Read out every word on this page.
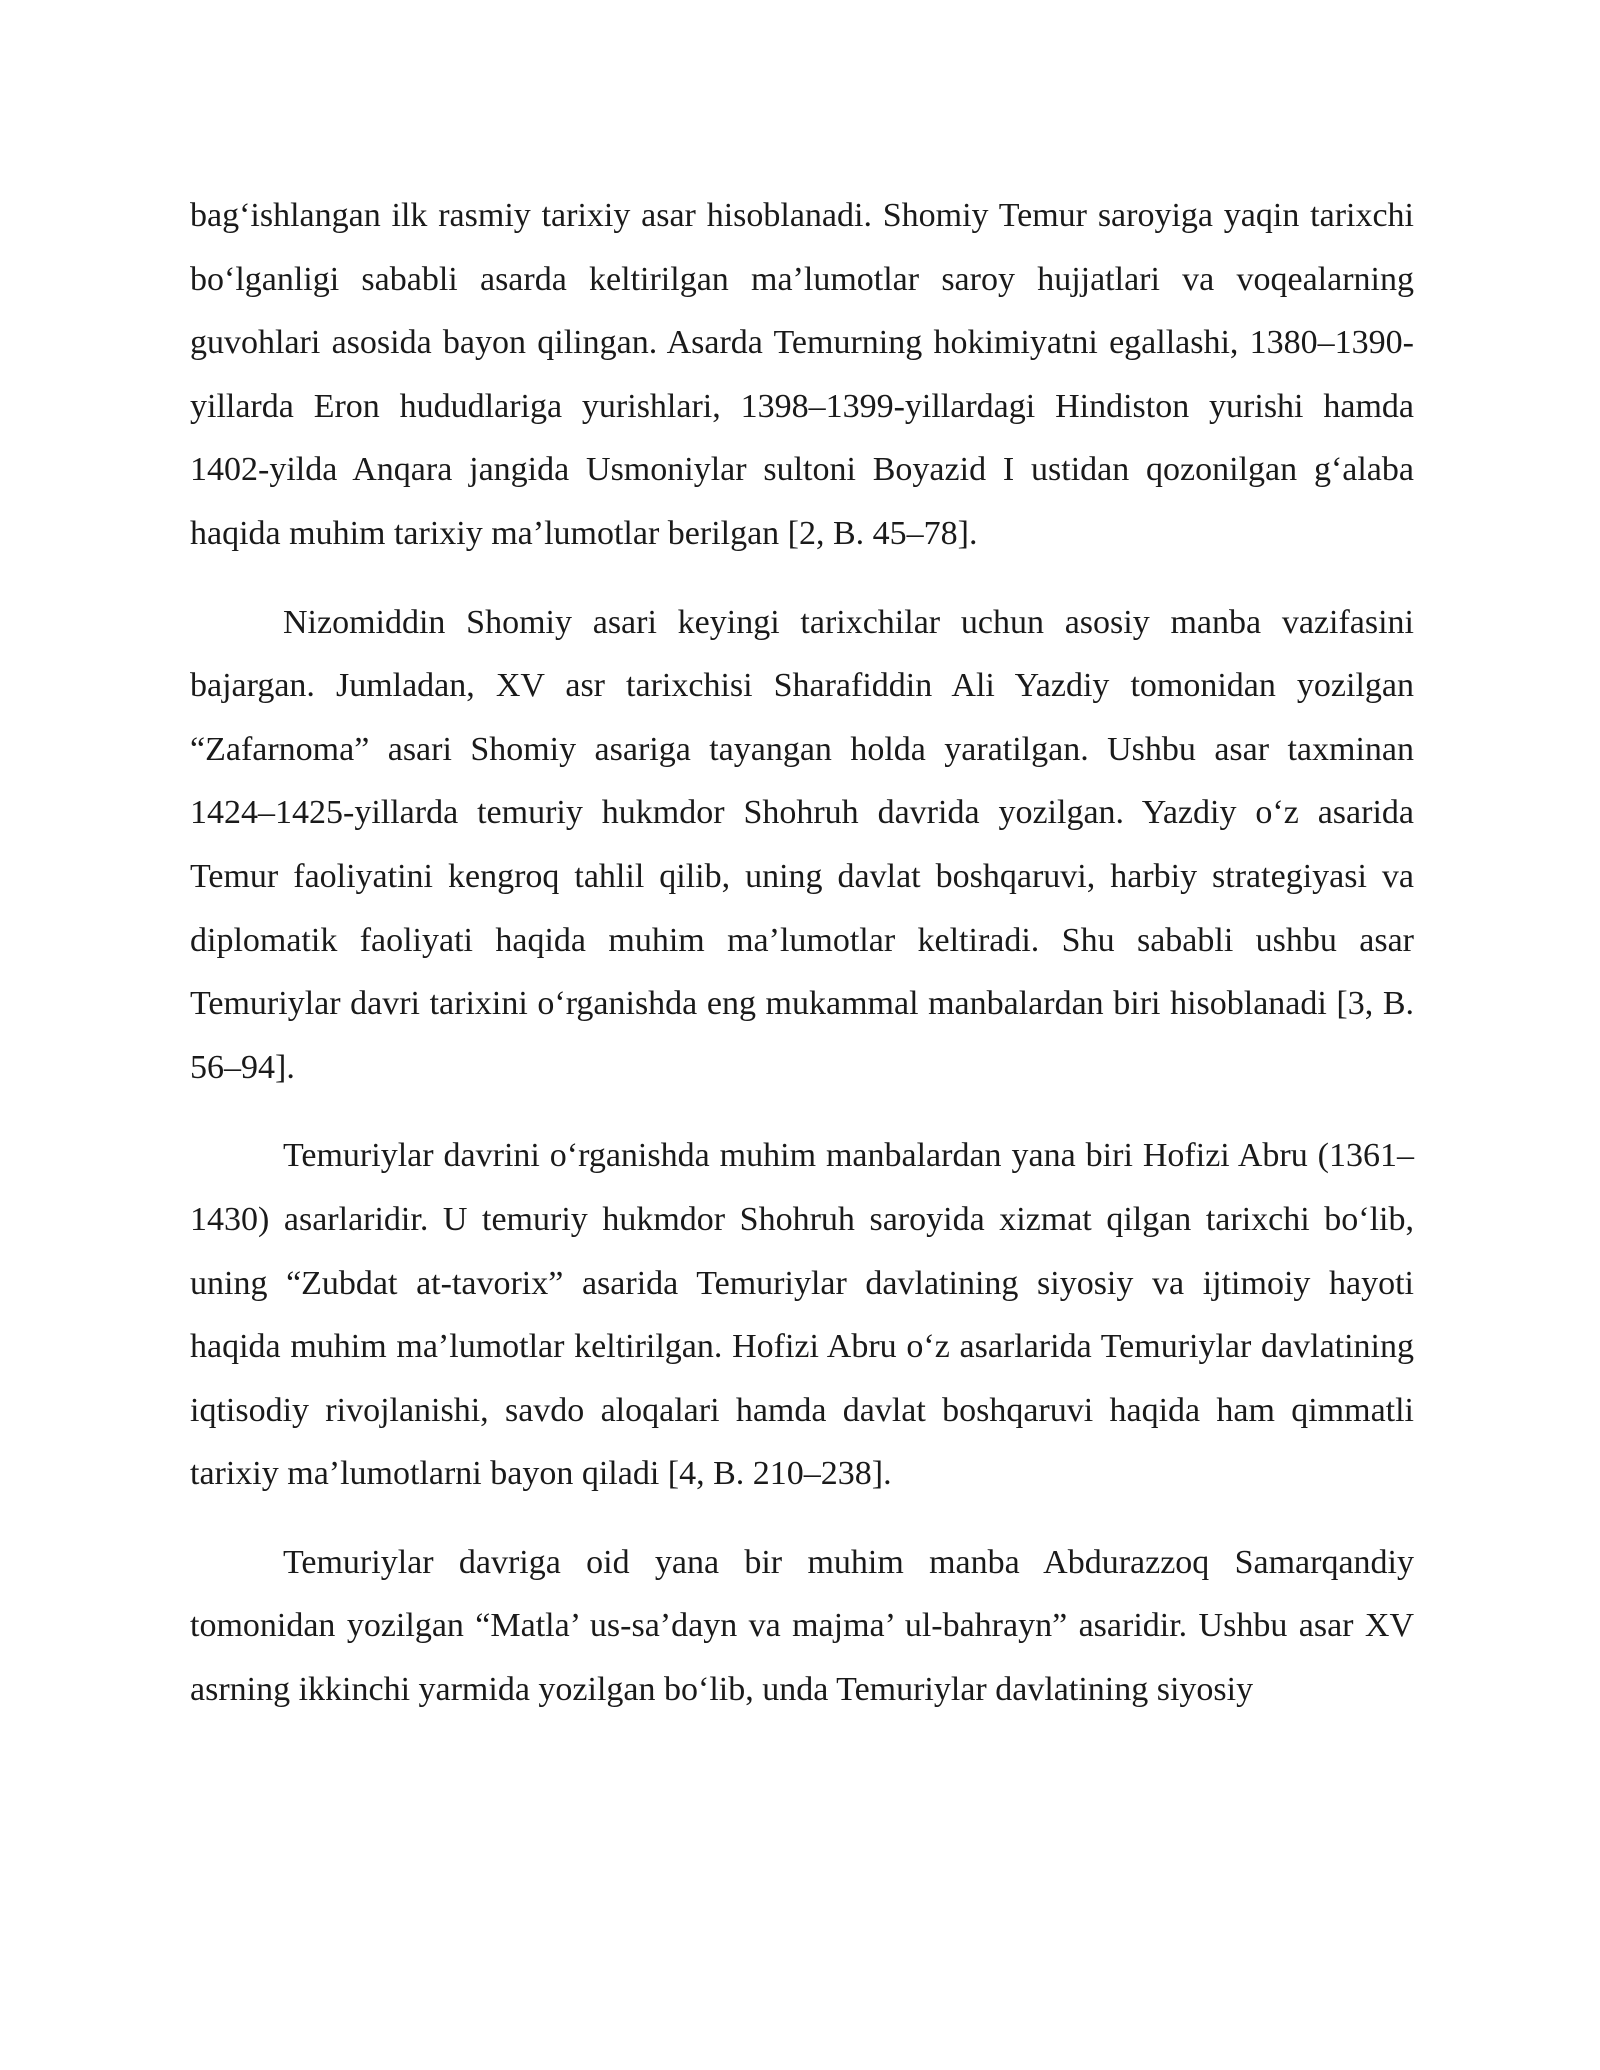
bag‘ishlangan ilk rasmiy tarixiy asar hisoblanadi. Shomiy Temur saroyiga yaqin tarixchi bo‘lganligi sababli asarda keltirilgan ma’lumotlar saroy hujjatlari va voqealarning guvohlari asosida bayon qilingan. Asarda Temurning hokimiyatni egallashi, 1380–1390-yillarda Eron hududlariga yurishlari, 1398–1399-yillardagi Hindiston yurishi hamda 1402-yilda Anqara jangida Usmoniylar sultoni Boyazid I ustidan qozonilgan g‘alaba haqida muhim tarixiy ma’lumotlar berilgan [2, B. 45–78].

Nizomiddin Shomiy asari keyingi tarixchilar uchun asosiy manba vazifasini bajargan. Jumladan, XV asr tarixchisi Sharafiddin Ali Yazdiy tomonidan yozilgan “Zafarnoma” asari Shomiy asariga tayangan holda yaratilgan. Ushbu asar taxminan 1424–1425-yillarda temuriy hukmdor Shohruh davrida yozilgan. Yazdiy o‘z asarida Temur faoliyatini kengroq tahlil qilib, uning davlat boshqaruvi, harbiy strategiyasi va diplomatik faoliyati haqida muhim ma’lumotlar keltiradi. Shu sababli ushbu asar Temuriylar davri tarixini o‘rganishda eng mukammal manbalardan biri hisoblanadi [3, B. 56–94].

Temuriylar davrini o‘rganishda muhim manbalardan yana biri Hofizi Abru (1361–1430) asarlaridir. U temuriy hukmdor Shohruh saroyida xizmat qilgan tarixchi bo‘lib, uning “Zubdat at-tavorix” asarida Temuriylar davlatining siyosiy va ijtimoiy hayoti haqida muhim ma’lumotlar keltirilgan. Hofizi Abru o‘z asarlarida Temuriylar davlatining iqtisodiy rivojlanishi, savdo aloqalari hamda davlat boshqaruvi haqida ham qimmatli tarixiy ma’lumotlarni bayon qiladi [4, B. 210–238].

Temuriylar davriga oid yana bir muhim manba Abdurazzoq Samarqandiy tomonidan yozilgan “Matla’ us-sa’dayn va majma’ ul-bahrayn” asaridir. Ushbu asar XV asrning ikkinchi yarmida yozilgan bo‘lib, unda Temuriylar davlatining siyosiy
